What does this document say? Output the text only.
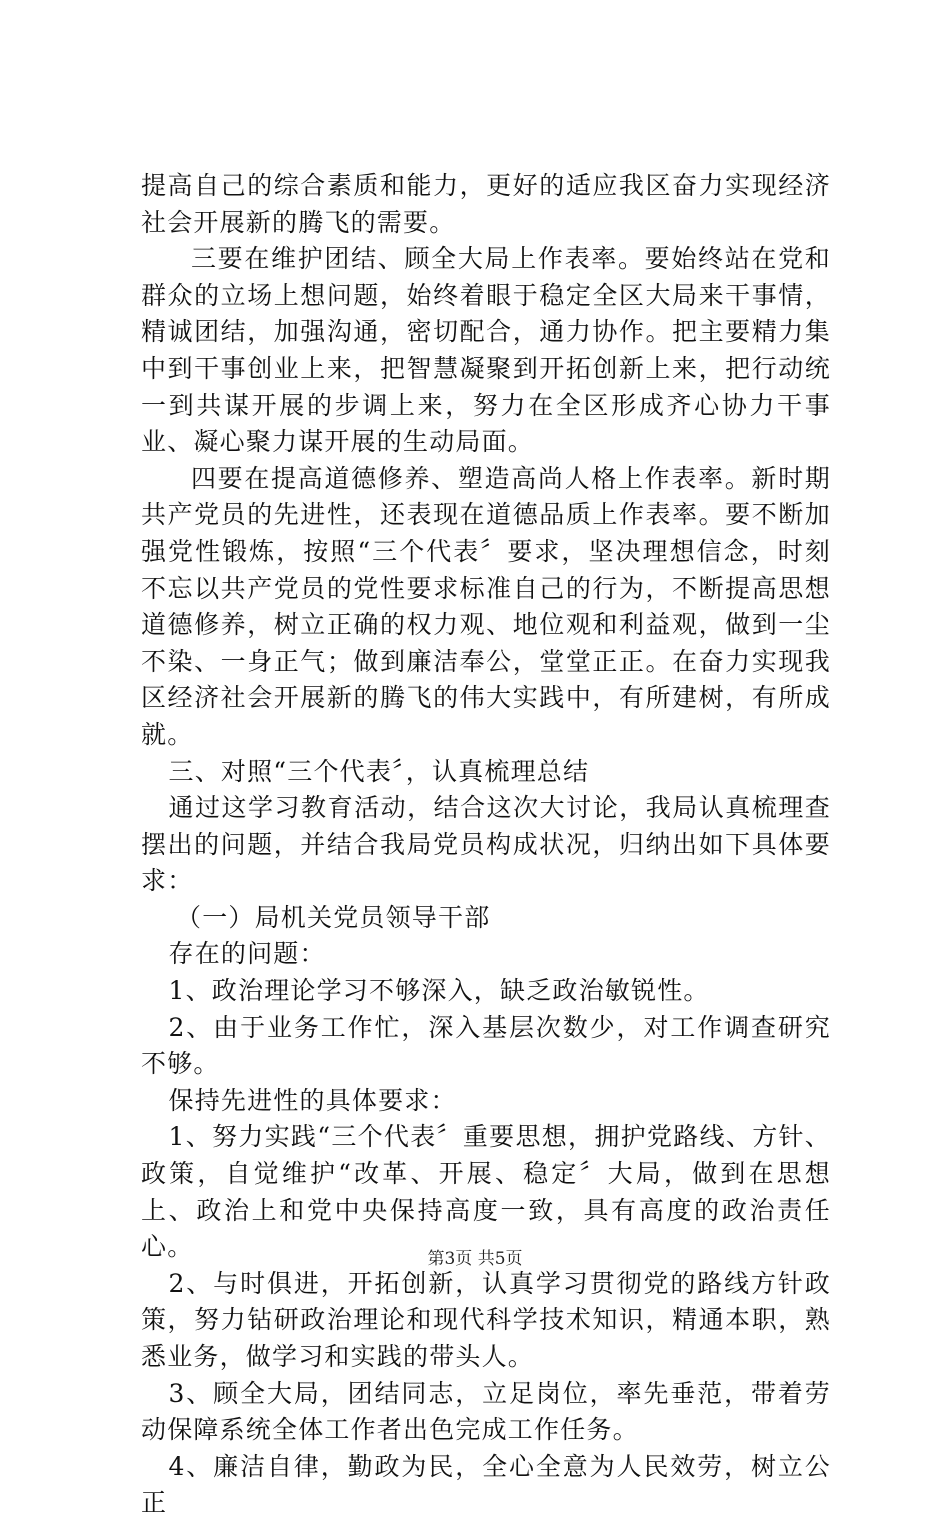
提高自己的综合素质和能力，更好的适应我区奋力实现经济社会开展新的腾飞的需要。

三要在维护团结、顾全大局上作表率。要始终站在党和群众的立场上想问题，始终着眼于稳定全区大局来干事情，精诚团结，加强沟通，密切配合，通力协作。把主要精力集中到干事创业上来，把智慧凝聚到开拓创新上来，把行动统一到共谋开展的步调上来，努力在全区形成齐心协力干事业、凝心聚力谋开展的生动局面。

四要在提高道德修养、塑造高尚人格上作表率。新时期共产党员的先进性，还表现在道德品质上作表率。要不断加强党性锻炼，按照“三个代表〞要求，坚决理想信念，时刻不忘以共产党员的党性要求标准自己的行为，不断提高思想道德修养，树立正确的权力观、地位观和利益观，做到一尘不染、一身正气；做到廉洁奉公，堂堂正正。在奋力实现我区经济社会开展新的腾飞的伟大实践中，有所建树，有所成就。

三、对照“三个代表〞，认真梳理总结

通过这学习教育活动，结合这次大讨论，我局认真梳理查摆出的问题，并结合我局党员构成状况，归纳出如下具体要求：

（一）局机关党员领导干部

存在的问题：

1、政治理论学习不够深入，缺乏政治敏锐性。

2、由于业务工作忙，深入基层次数少，对工作调查研究不够。

保持先进性的具体要求：

1、努力实践“三个代表〞重要思想，拥护党路线、方针、政策，自觉维护“改革、开展、稳定〞大局，做到在思想上、政治上和党中央保持高度一致，具有高度的政治责任心。

2、与时俱进，开拓创新，认真学习贯彻党的路线方针政策，努力钻研政治理论和现代科学技术知识，精通本职，熟悉业务，做学习和实践的带头人。

3、顾全大局，团结同志，立足岗位，率先垂范，带着劳动保障系统全体工作者出色完成工作任务。

4、廉洁自律，勤政为民，全心全意为人民效劳，树立公正

第3页 共5页
